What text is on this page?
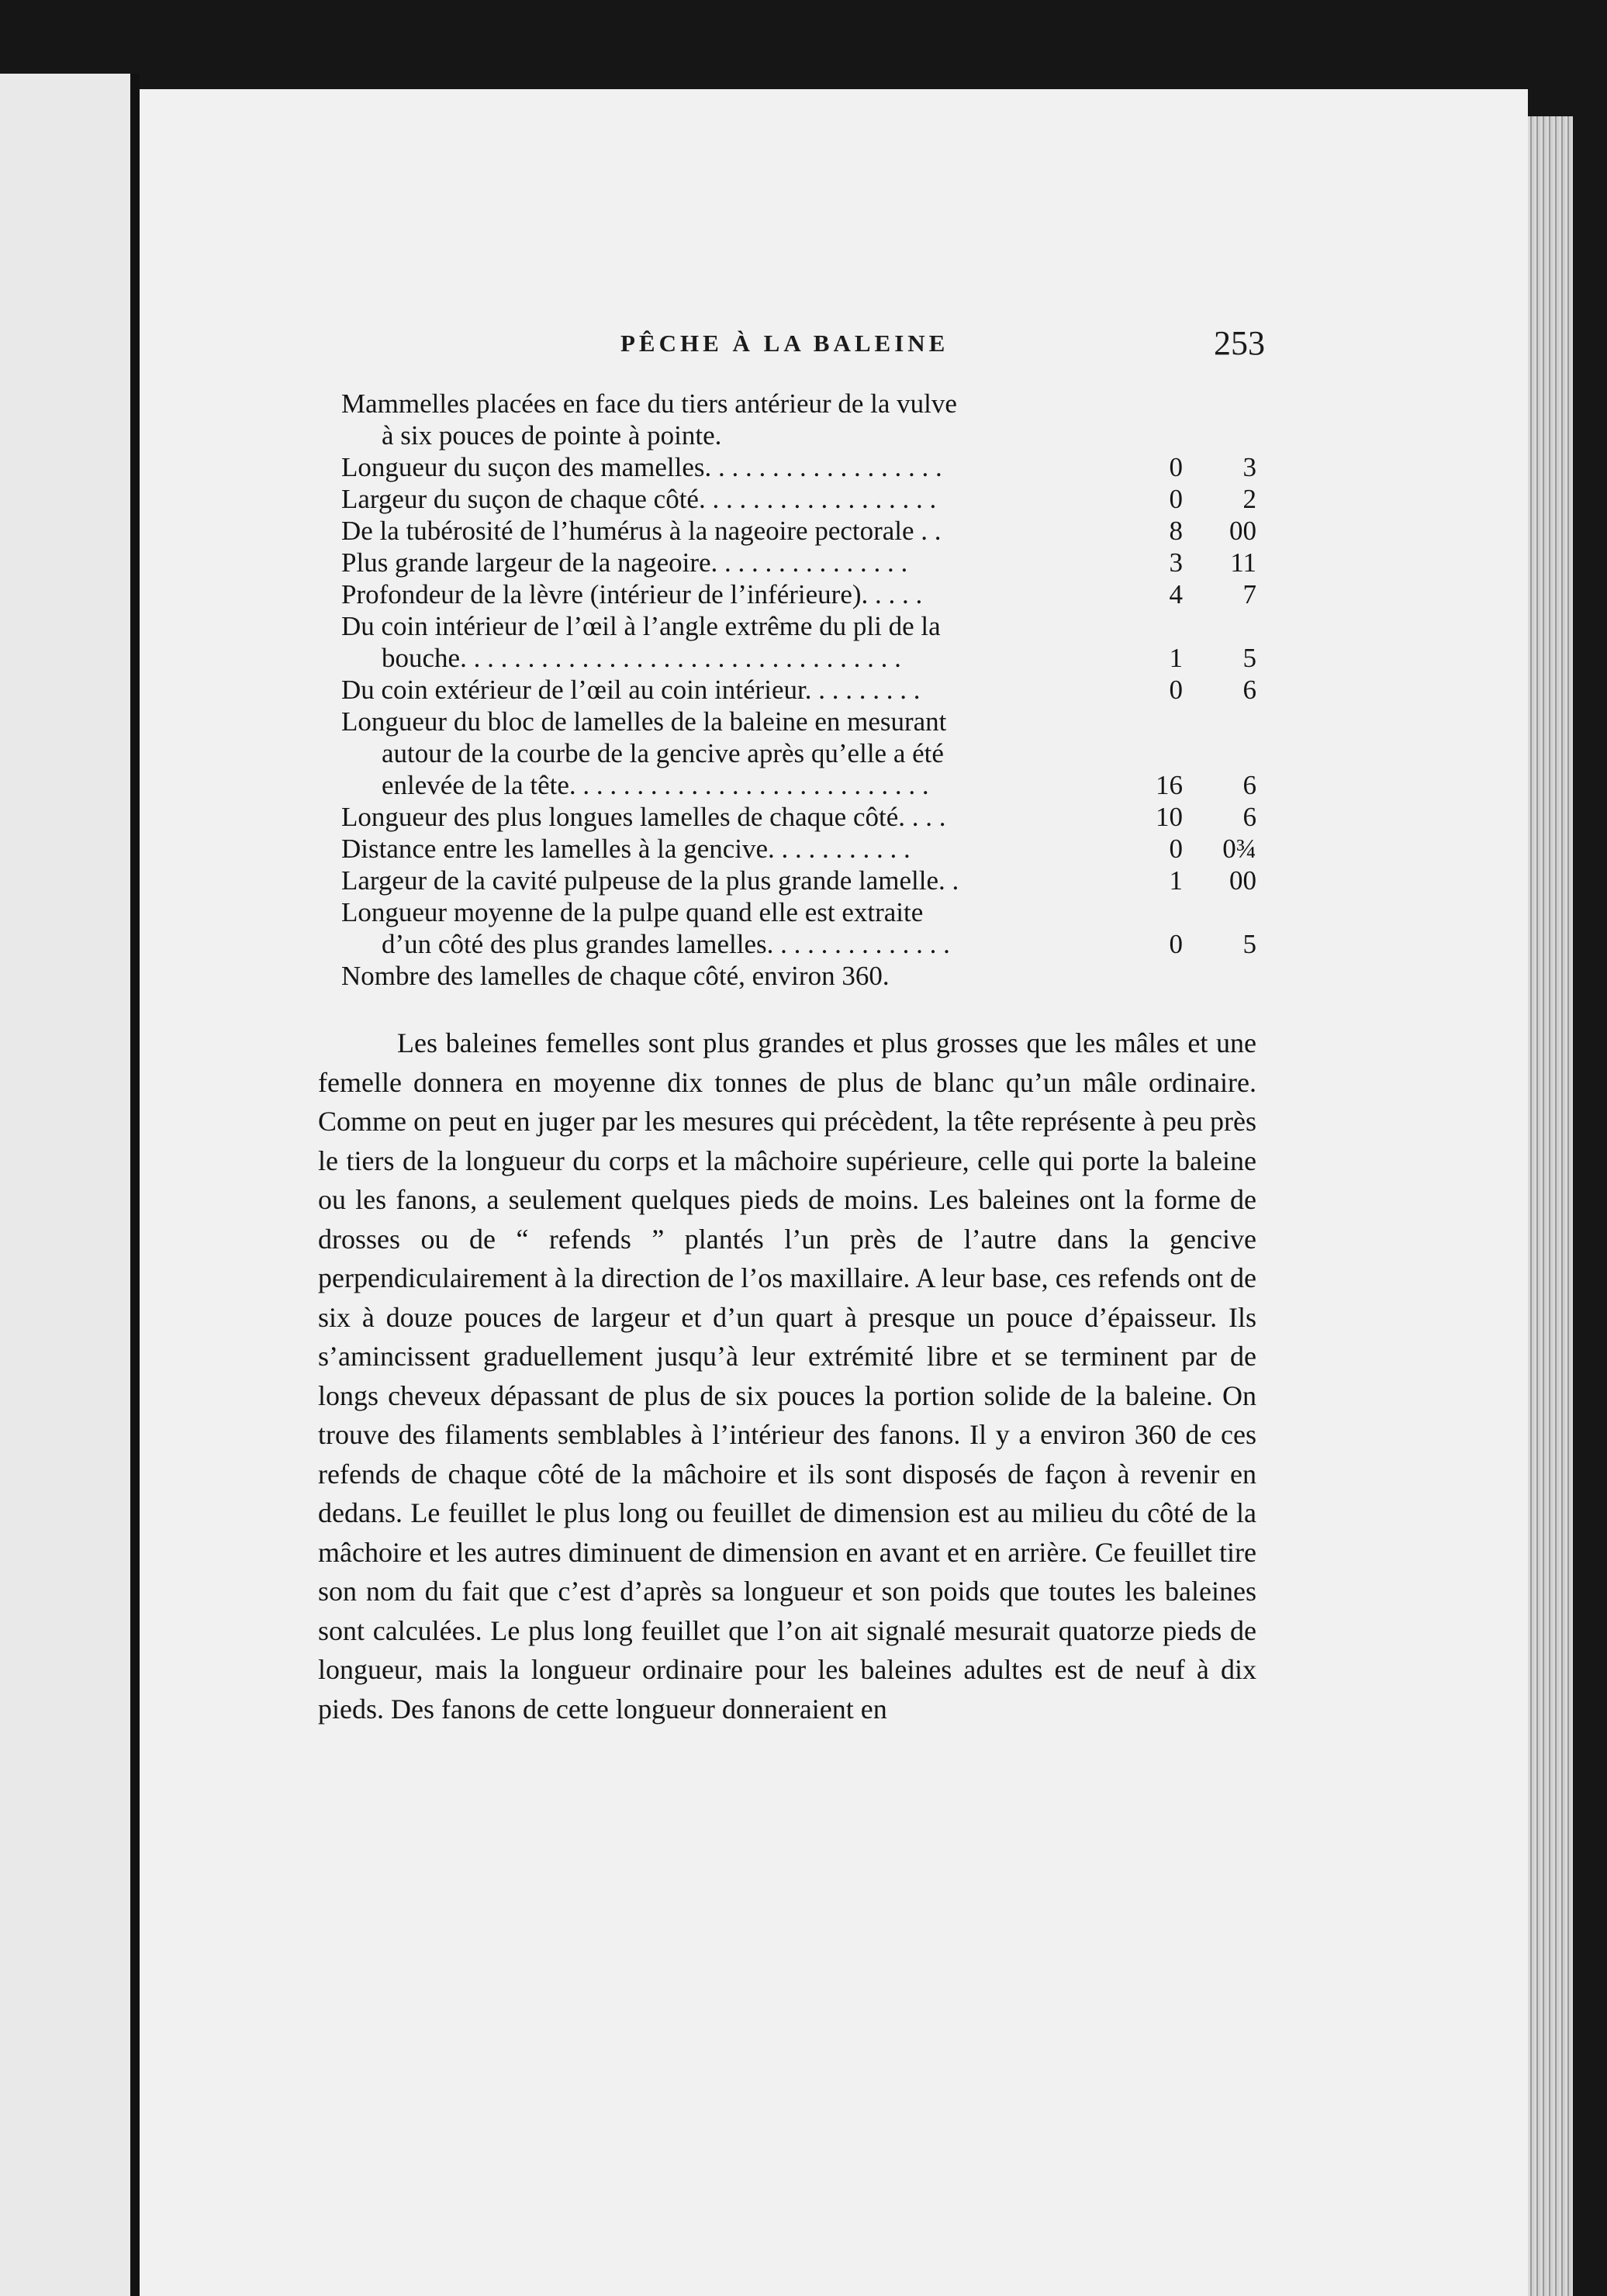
PÊCHE À LA BALEINE	253
Mammelles placées en face du tiers antérieur de la vulve
à six pouces de pointe à pointe.
Longueur du suçon des mamelles. . . . . . . . . . . . . . . . . .	0	3
Largeur du suçon de chaque côté. . . . . . . . . . . . . . . . . .	0	2
De la tubérosité de l’humérus à la nageoire pectorale . .	8	00
Plus grande largeur de la nageoire. . . . . . . . . . . . . . .	3	11
Profondeur de la lèvre (intérieur de l’inférieure). . . . .	4	7
Du coin intérieur de l’œil à l’angle extrême du pli de la
bouche. . . . . . . . . . . . . . . . . . . . . . . . . . . . . . . . .	1	5
Du coin extérieur de l’œil au coin intérieur. . . . . . . . .	0	6
Longueur du bloc de lamelles de la baleine en mesurant
autour de la courbe de la gencive après qu’elle a été
enlevée de la tête. . . . . . . . . . . . . . . . . . . . . . . . . . .	16	6
Longueur des plus longues lamelles de chaque côté. . . .	10	6
Distance entre les lamelles à la gencive. . . . . . . . . . .	0	0¾
Largeur de la cavité pulpeuse de la plus grande lamelle. .	1	00
Longueur moyenne de la pulpe quand elle est extraite
d’un côté des plus grandes lamelles. . . . . . . . . . . . . .	0	5
Nombre des lamelles de chaque côté, environ 360.

Les baleines femelles sont plus grandes et plus grosses que les mâles et une femelle donnera en moyenne dix tonnes de plus de blanc qu’un mâle ordinaire. Comme on peut en juger par les mesures qui précèdent, la tête représente à peu près le tiers de la longueur du corps et la mâchoire supérieure, celle qui porte la baleine ou les fanons, a seulement quelques pieds de moins. Les baleines ont la forme de drosses ou de “ refends ” plantés l’un près de l’autre dans la gencive perpendiculairement à la direction de l’os maxillaire. A leur base, ces refends ont de six à douze pouces de largeur et d’un quart à presque un pouce d’épaisseur. Ils s’amincissent graduellement jusqu’à leur extrémité libre et se terminent par de longs cheveux dépassant de plus de six pouces la portion solide de la baleine. On trouve des filaments semblables à l’intérieur des fanons. Il y a environ 360 de ces refends de chaque côté de la mâchoire et ils sont disposés de façon à revenir en dedans. Le feuillet le plus long ou feuillet de dimension est au milieu du côté de la mâchoire et les autres diminuent de dimension en avant et en arrière. Ce feuillet tire son nom du fait que c’est d’après sa longueur et son poids que toutes les baleines sont calculées. Le plus long feuillet que l’on ait signalé mesurait quatorze pieds de longueur, mais la longueur ordinaire pour les baleines adultes est de neuf à dix pieds. Des fanons de cette longueur donneraient en
